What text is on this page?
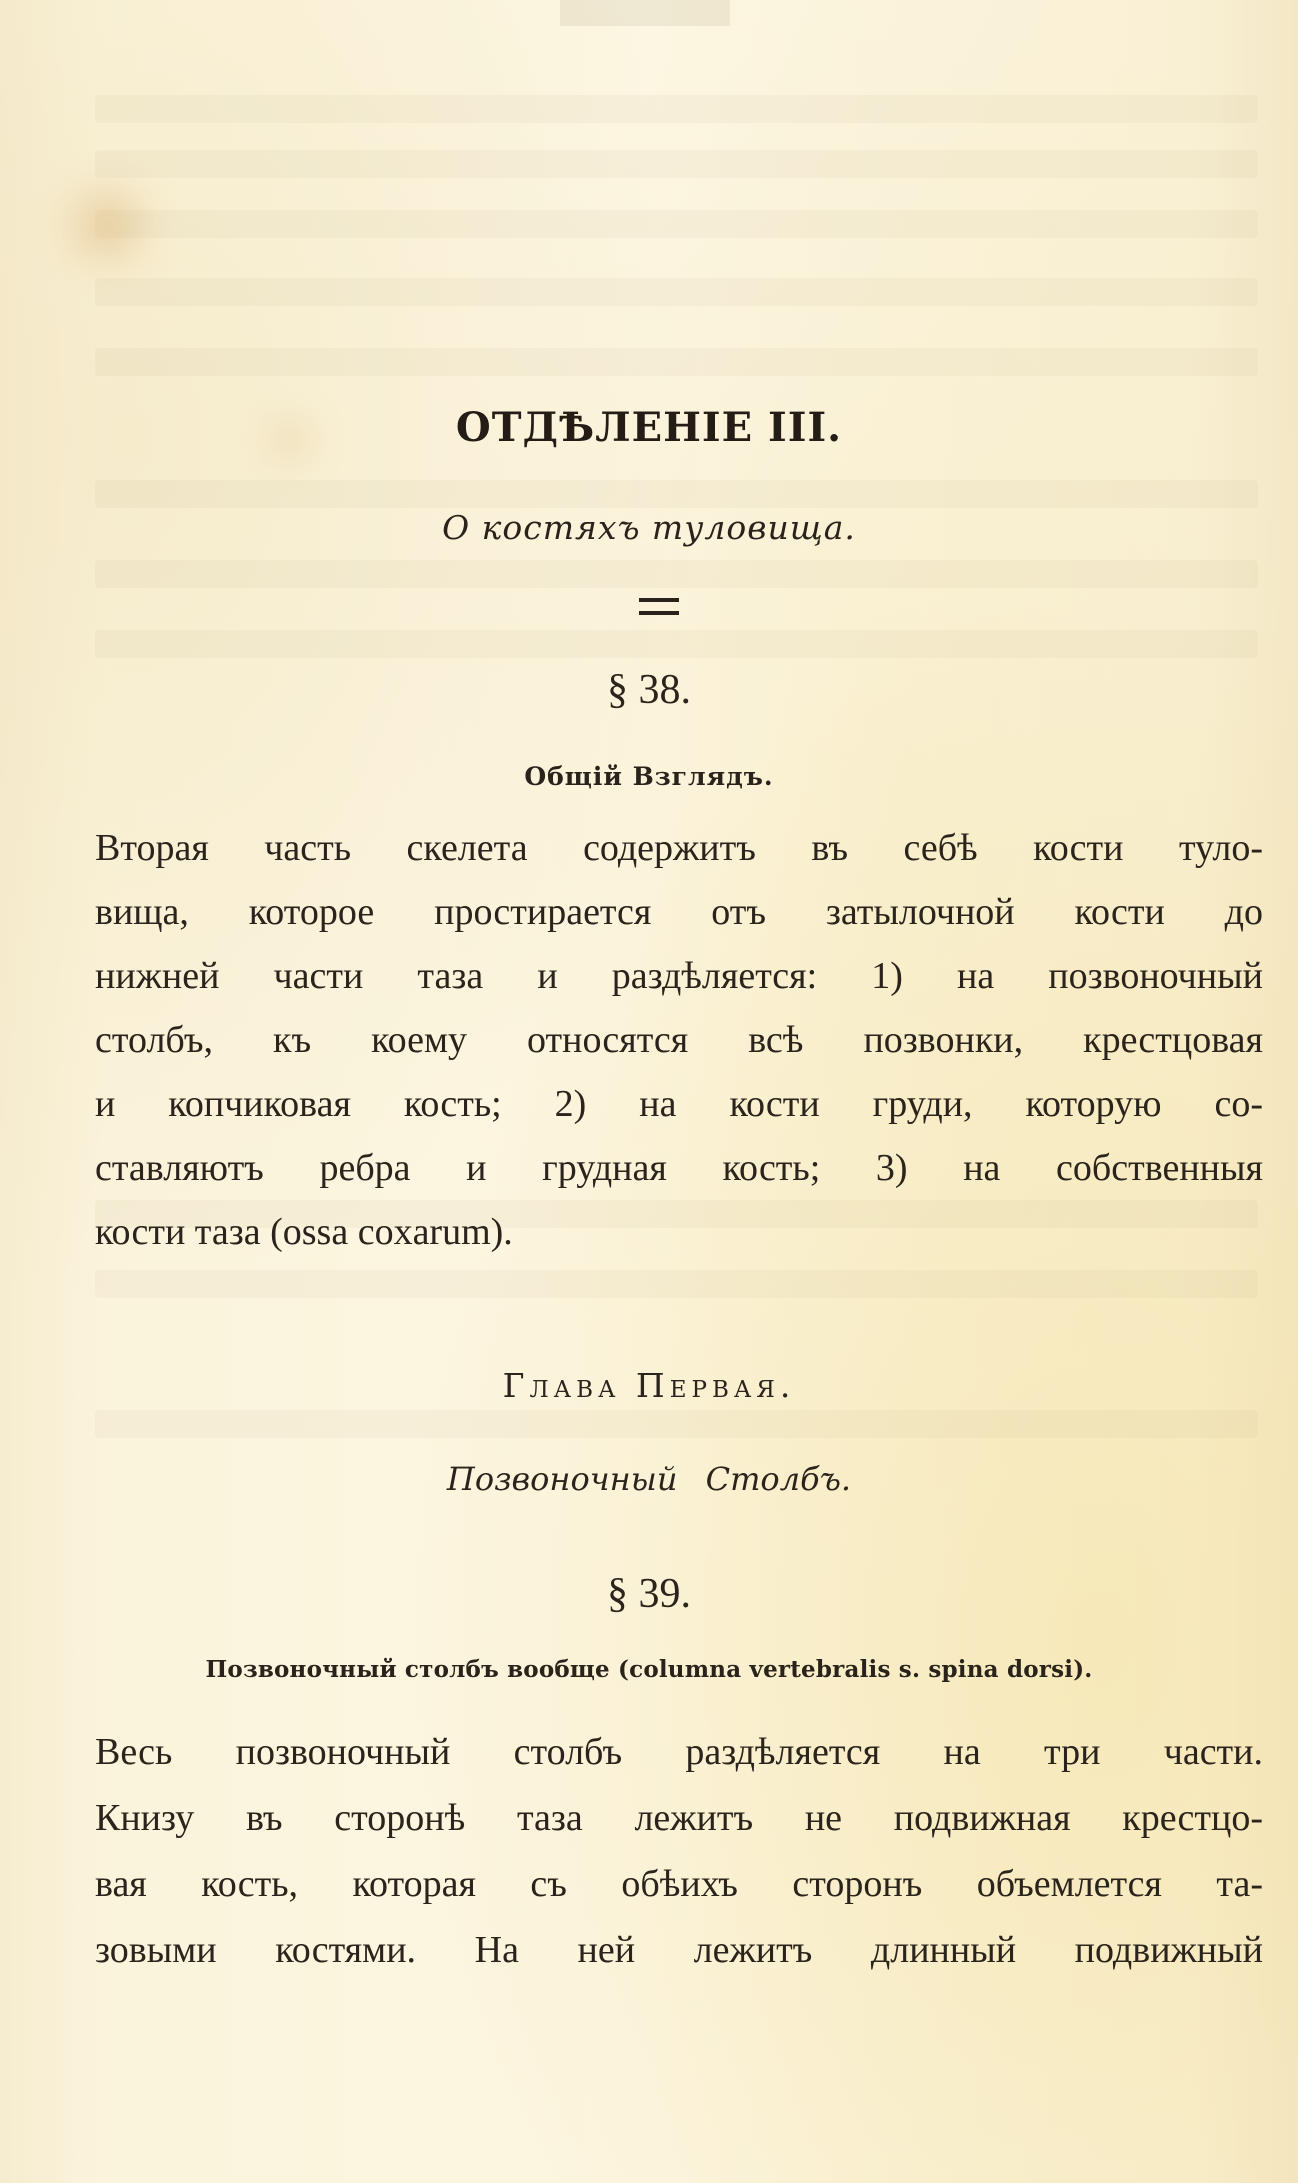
ОТДѢЛЕНІЕ III.
О костяхъ туловища.
§ 38.
Общій Взглядъ.
Вторая часть скелета содержитъ въ себѣ кости туло-
вища, которое простирается отъ затылочной кости до
нижней части таза и раздѣляется: 1) на позвоночный
столбъ, къ коему относятся всѣ позвонки, крестцовая
и копчиковая кость; 2) на кости груди, которую со-
ставляютъ ребра и грудная кость; 3) на собственныя
кости таза (ossa coxarum).
Глава Первая.
Позвоночный Столбъ.
§ 39.
Позвоночный столбъ вообще (columna vertebralis s. spina dorsi).
Весь позвоночный столбъ раздѣляется на три части.
Книзу въ сторонѣ таза лежитъ не подвижная крестцо-
вая кость, которая съ обѣихъ сторонъ объемлется та-
зовыми костями. На ней лежитъ длинный подвижный
